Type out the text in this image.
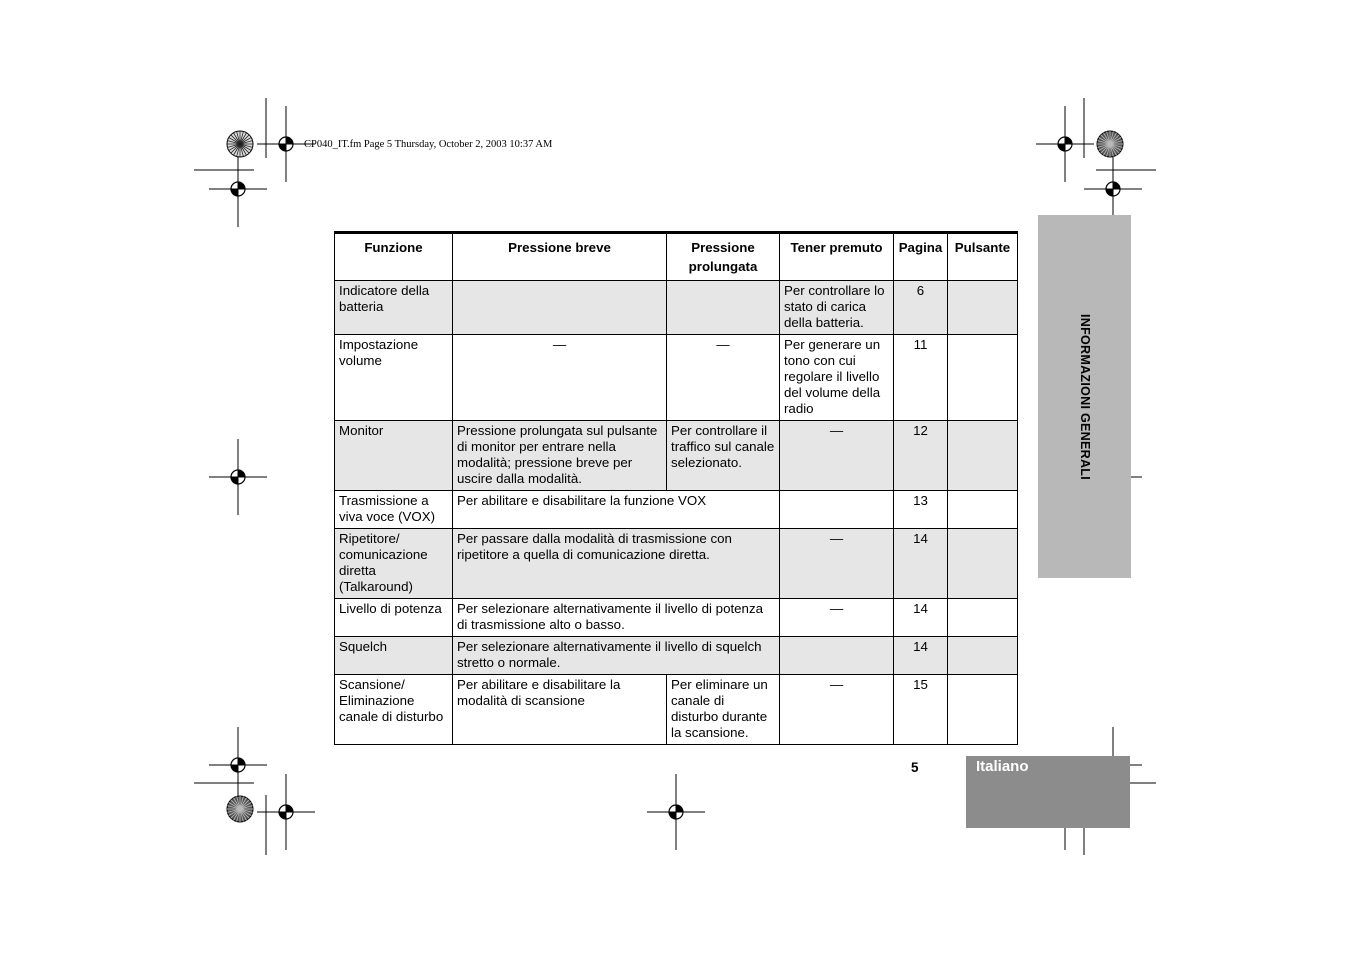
CP040_IT.fm Page 5 Thursday, October 2, 2003 10:37 AM
INFORMAZIONI GENERALI
Italiano
5
Funzione	Pressione breve	Pressione prolungata	Tener premuto	Pagina	Pulsante
Indicatore della batteria			Per controllare lo stato di carica della batteria.	6	
Impostazione volume	—	—	Per generare un tono con cui regolare il livello del volume della radio	11	
Monitor	Pressione prolungata sul pulsante di monitor per entrare nella modalità; pressione breve per uscire dalla modalità.	Per controllare il traffico sul canale selezionato.	—	12	
Trasmissione a viva voce (VOX)	Per abilitare e disabilitare la funzione VOX			13	
Ripetitore/ comunicazione diretta (Talkaround)	Per passare dalla modalità di trasmissione con ripetitore a quella di comunicazione diretta.		—	14	
Livello di potenza	Per selezionare alternativamente il livello di potenza di trasmissione alto o basso.		—	14	
Squelch	Per selezionare alternativamente il livello di squelch stretto o normale.			14	
Scansione/ Eliminazione canale di disturbo	Per abilitare e disabilitare la modalità di scansione	Per eliminare un canale di disturbo durante la scansione.	—	15	
